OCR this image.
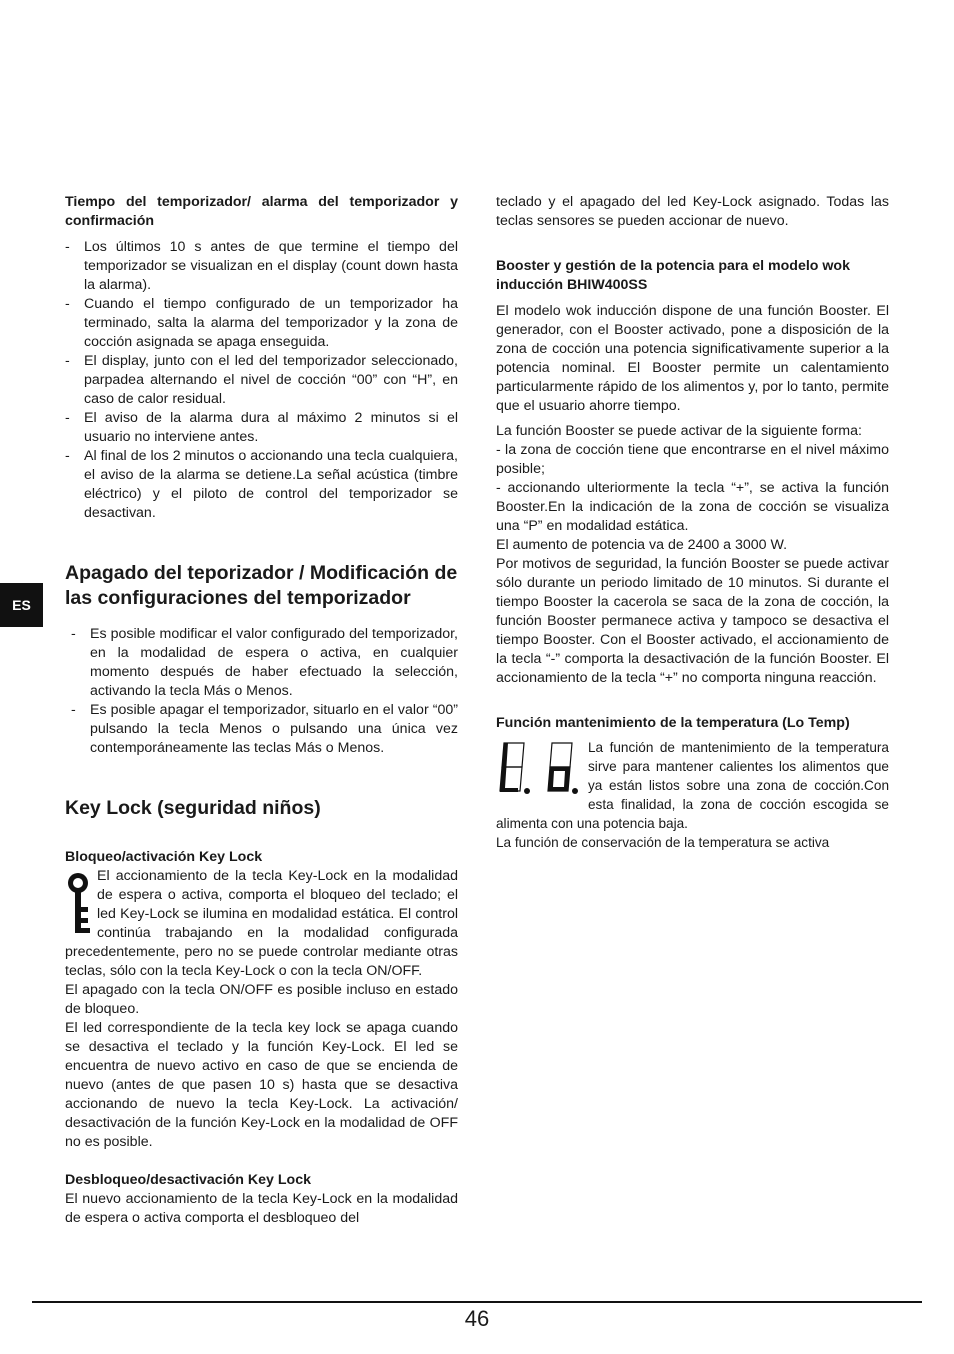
ES

Tiempo del temporizador/ alarma del temporizador y confirmación

- Los últimos 10 s antes de que termine el tiempo del temporizador se visualizan en el display (count down hasta la alarma).
- Cuando el tiempo configurado de un temporizador ha terminado, salta la alarma del temporizador y la zona de cocción asignada se apaga enseguida.
- El display, junto con el led del temporizador seleccionado, parpadea alternando el nivel de cocción “00” con “H”, en caso de calor residual.
- El aviso de la alarma dura al máximo 2 minutos si el usuario no interviene antes.
- Al final de los 2 minutos o accionando una tecla cualquiera, el aviso de la alarma se detiene.La señal acústica (timbre eléctrico) y el piloto de control del temporizador se desactivan.

Apagado del teporizador / Modificación de las configuraciones del temporizador

- Es posible modificar el valor configurado del temporizador, en la modalidad de espera o activa, en cualquier momento después de haber efectuado la selección, activando la tecla Más o Menos.
- Es posible apagar el temporizador, situarlo en el valor “00” pulsando la tecla Menos o pulsando una única vez contemporáneamente las teclas Más o Menos.

Key Lock (seguridad niños)

Bloqueo/activación Key Lock

El accionamiento de la tecla Key-Lock en la modalidad de espera o activa, comporta el bloqueo del teclado; el led Key-Lock se ilumina en modalidad estática. El control continúa trabajando en la modalidad configurada precedentemente, pero no se puede controlar mediante otras teclas, sólo con la tecla Key-Lock o con la tecla ON/OFF.

El apagado con la tecla ON/OFF es posible incluso en estado de bloqueo.

El led correspondiente de la tecla key lock se apaga cuando se desactiva el teclado y la función Key-Lock. El led se encuentra de nuevo activo en caso de que se encienda de nuevo (antes de que pasen 10 s) hasta que se desactiva accionando de nuevo la tecla Key-Lock. La activación/ desactivación de la función Key-Lock en la modalidad de OFF no es posible.

Desbloqueo/desactivación Key Lock

El nuevo accionamiento de la tecla Key-Lock en la modalidad de espera o activa comporta el desbloqueo del

teclado y el apagado del led Key-Lock asignado. Todas las teclas sensores se pueden accionar de nuevo.

Booster y gestión de la potencia para el modelo wok inducción BHIW400SS

El modelo wok inducción dispone de una función Booster. El generador, con el Booster activado, pone a disposición de la zona de cocción una potencia significativamente superior a la potencia nominal. El Booster permite un calentamiento particularmente rápido de los alimentos y, por lo tanto, permite que el usuario ahorre tiempo.

La función Booster se puede activar de la siguiente forma:

- la zona de cocción tiene que encontrarse en el nivel máximo posible;

- accionando ulteriormente la tecla “+”, se activa la función Booster.En la indicación de la zona de cocción se visualiza una “P” en modalidad estática.

El aumento de potencia va de 2400 a 3000 W.

Por motivos de seguridad, la función Booster se puede activar sólo durante un periodo limitado de 10 minutos. Si durante el tiempo Booster la cacerola se saca de la zona de cocción, la función Booster permanece activa y tampoco se desactiva el tiempo Booster. Con el Booster activado, el accionamiento de la tecla “-” comporta la desactivación de la función Booster. El accionamiento de la tecla “+” no comporta ninguna reacción.

Función mantenimiento de la temperatura (Lo Temp)

La función de mantenimiento de la temperatura sirve para mantener calientes los alimentos que ya están listos sobre una zona de cocción.Con esta finalidad, la zona de cocción escogida se alimenta con una potencia baja.

La función de conservación de la temperatura se activa

46
